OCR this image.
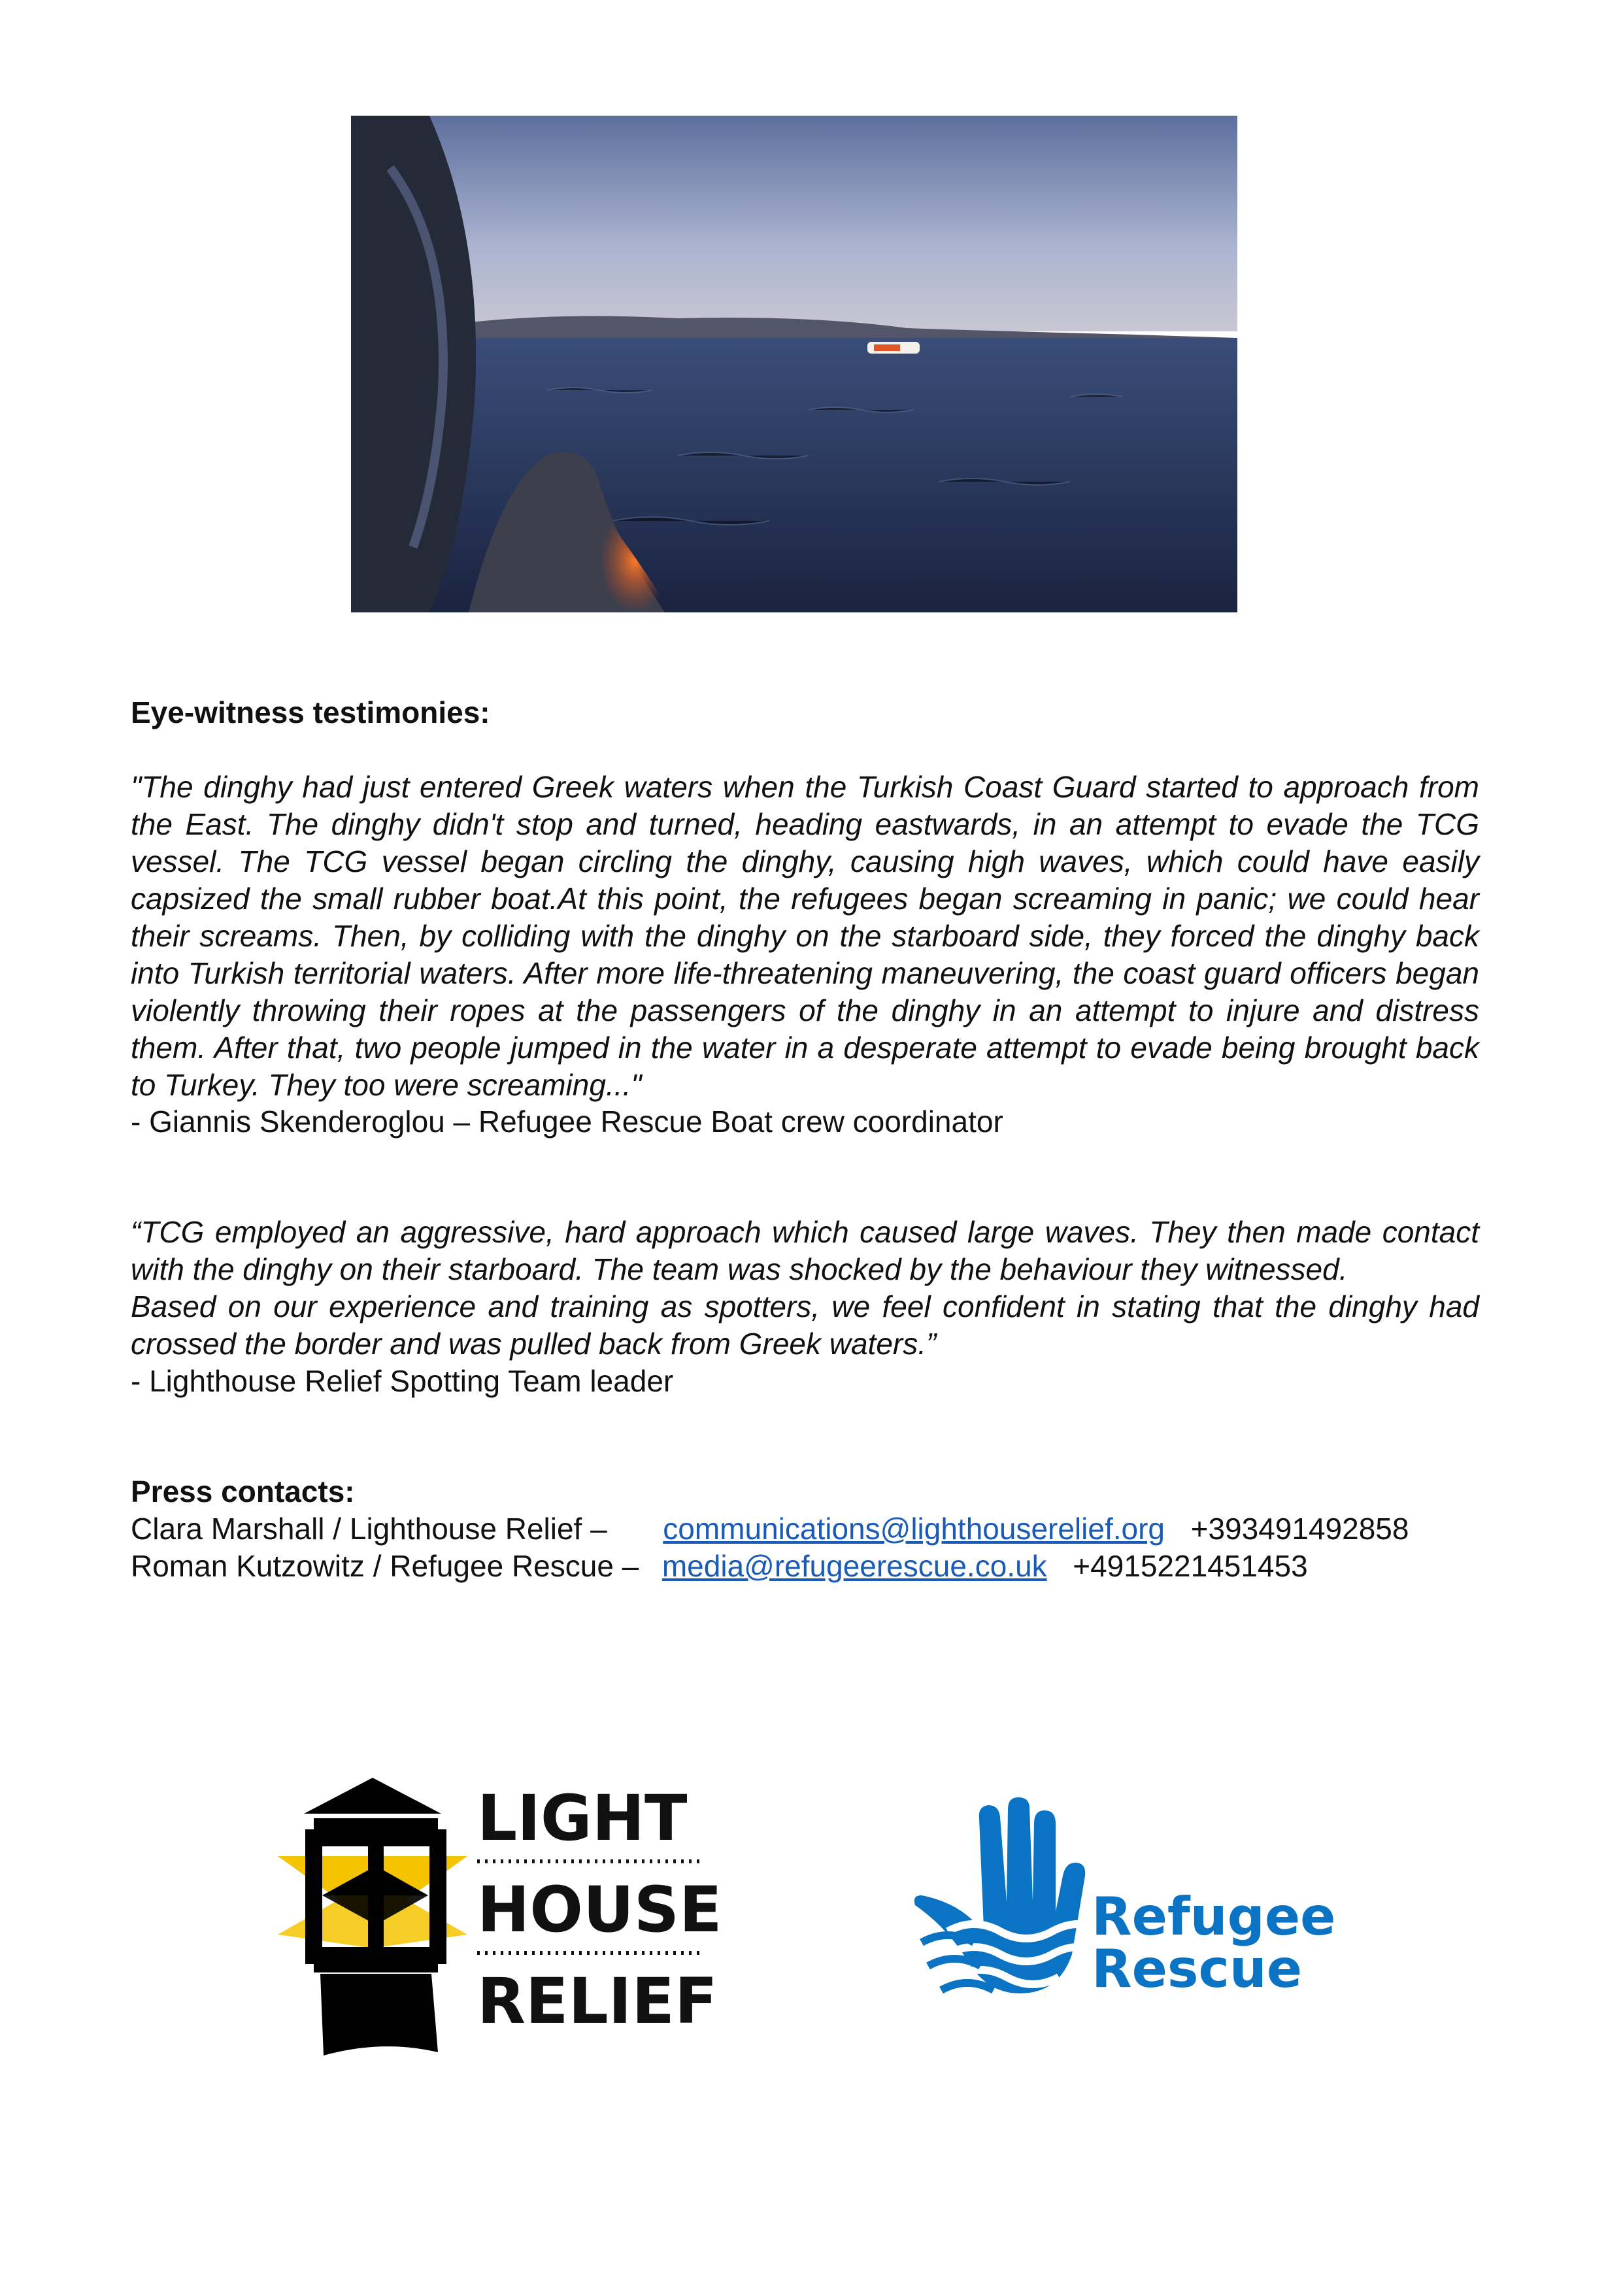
Eye-witness testimonies:
"The dinghy had just entered Greek waters when the Turkish Coast Guard started to approach from the East. The dinghy didn't stop and turned, heading eastwards, in an attempt to evade the TCG vessel. The TCG vessel began circling the dinghy, causing high waves, which could have easily capsized the small rubber boat.At this point, the refugees began screaming in panic; we could hear their screams. Then, by colliding with the dinghy on the starboard side, they forced the dinghy back into Turkish territorial waters. After more life-threatening maneuvering, the coast guard officers began violently throwing their ropes at the passengers of the dinghy in an attempt to injure and distress them. After that, two people jumped in the water in a desperate attempt to evade being brought back to Turkey. They too were screaming..."
- Giannis Skenderoglou – Refugee Rescue Boat crew coordinator
“TCG employed an aggressive, hard approach which caused large waves. They then made contact with the dinghy on their starboard. The team was shocked by the behaviour they witnessed.
Based on our experience and training as spotters, we feel confident in stating that the dinghy had crossed the border and was pulled back from Greek waters.”
- Lighthouse Relief Spotting Team leader
Press contacts:
Clara Marshall / Lighthouse Relief – communications@lighthouserelief.org +393491492858
Roman Kutzowitz / Refugee Rescue – media@refugeerescue.co.uk +4915221451453
LIGHT
HOUSE
RELIEF
Refugee
Rescue
